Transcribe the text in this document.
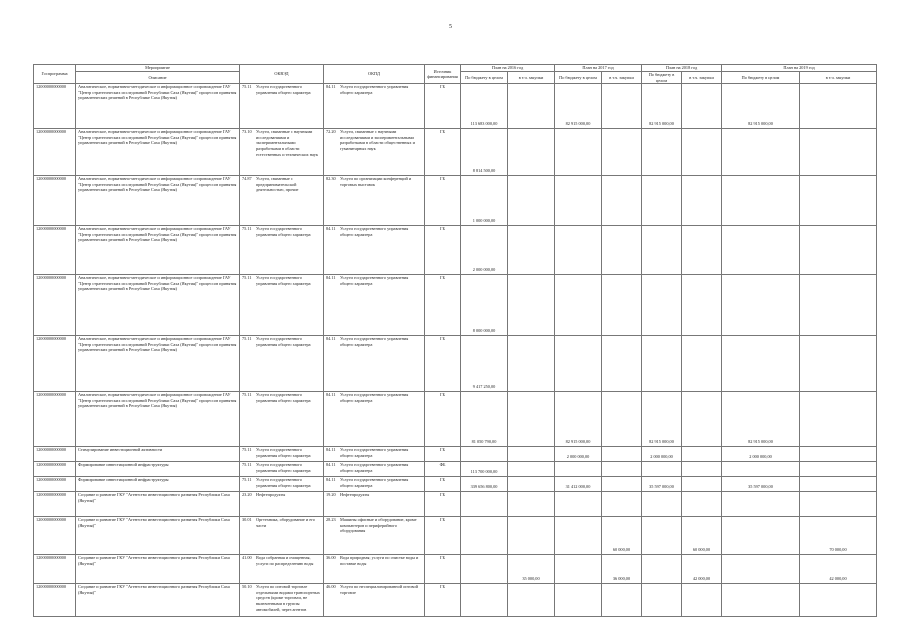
5
Госпрограмма	Мероприятие	ОКВЭД	ОКПД	Источник финансирования	План на 2016 год		План на 2017 год		План на 2018 год		План на 2019 год	
	Описание				По бюджету в целом	в т.ч. закупки	По бюджету в целом	в т.ч. закупки	По бюджету в целом	в т.ч. закупки	По бюджету в целом	в т.ч. закупки
12000000000000	Аналитическое, нормативно-методическое и информационное сопровождение ГАУ "Центр стратегических исследований Республики Саха (Якутия)" процессов принятия управленческих решений в Республике Саха (Якутия)	75.11 Услуги государственного управления общего характера	84.11 Услуги государственного управления общего характера	ГБ	113 683 000,00		82 915 000,00		82 915 000,00		82 915 000,00	
12000000000000	Аналитическое, нормативно-методическое и информационное сопровождение ГАУ "Центр стратегических исследований Республики Саха (Якутия)" процессов принятия управленческих решений в Республике Саха (Якутия)	73.10 Услуги, связанные с научными исследованиями и экспериментальными разработками в области естественных и технических наук	72.20 Услуги, связанные с научными исследованиями и экспериментальными разработками в области общественных и гуманитарных наук	ГБ	8 814 500,00							
12000000000000	Аналитическое, нормативно-методическое и информационное сопровождение ГАУ "Центр стратегических исследований Республики Саха (Якутия)" процессов принятия управленческих решений в Республике Саха (Якутия)	74.87 Услуги, связанные с предпринимательской деятельностью, прочие	82.30 Услуги по организации конференций и торговых выставок	ГБ	1 000 000,00							
12000000000000	Аналитическое, нормативно-методическое и информационное сопровождение ГАУ "Центр стратегических исследований Республики Саха (Якутия)" процессов принятия управленческих решений в Республике Саха (Якутия)	75.11 Услуги государственного управления общего характера	84.11 Услуги государственного управления общего характера	ГБ	2 000 000,00							
12000000000000	Аналитическое, нормативно-методическое и информационное сопровождение ГАУ "Центр стратегических исследований Республики Саха (Якутия)" процессов принятия управленческих решений в Республике Саха (Якутия)	75.11 Услуги государственного управления общего характера	84.11 Услуги государственного управления общего характера	ГБ	8 000 000,00							
12000000000000	Аналитическое, нормативно-методическое и информационное сопровождение ГАУ "Центр стратегических исследований Республики Саха (Якутия)" процессов принятия управленческих решений в Республике Саха (Якутия)	75.11 Услуги государственного управления общего характера	84.11 Услуги государственного управления общего характера	ГБ	9 417 250,00							
12000000000000	Аналитическое, нормативно-методическое и информационное сопровождение ГАУ "Центр стратегических исследований Республики Саха (Якутия)" процессов принятия управленческих решений в Республике Саха (Якутия)	75.11 Услуги государственного управления общего характера	84.11 Услуги государственного управления общего характера	ГБ	81 050 790,00		82 915 000,00		82 915 000,00		82 915 000,00	
12000000000000	Стимулирование инвестиционной активности	75.11 Услуги государственного управления общего характера	84.11 Услуги государственного управления общего характера	ГБ			2 000 000,00		2 000 000,00		2 000 000,00	
12000000000000	Формирование инвестиционной инфраструктуры	75.11 Услуги государственного управления общего характера	84.11 Услуги государственного управления общего характера	ФБ	113 700 000,00							
12000000000000	Формирование инвестиционной инфраструктуры	75.11 Услуги государственного управления общего характера	84.11 Услуги государственного управления общего характера	ГБ	339 656 800,00		31 412 000,00		35 597 000,00		35 597 000,00	
12000000000000	Создание и развитие ГКУ "Агентство инвестиционного развития Республики Саха (Якутия)"	23.20 Нефтепродукты	19.20 Нефтепродукты	ГБ								
12000000000000	Создание и развитие ГКУ "Агентство инвестиционного развития Республики Саха (Якутия)"	30.01 Оргтехника, оборудование и его части	28.23 Машины офисные и оборудование, кроме компьютеров и периферийного оборудования	ГБ				60 000,00		60 000,00		70 000,00
12000000000000	Создание и развитие ГКУ "Агентство инвестиционного развития Республики Саха (Якутия)"	41.00 Вода собранная и очищенная, услуги по распределению воды	36.00 Вода природная; услуги по очистке воды и поставке воды	ГБ		35 000,00		36 000,00		42 000,00		42 000,00
12000000000000	Создание и развитие ГКУ "Агентство инвестиционного развития Республики Саха (Якутия)"	50.10 Услуги по оптовой торговле отдельными видами транспортных средств (кроме торговли, не включенными в группы автомобилей, через агентов	46.00 Услуги по неспециализированной оптовой торговле	ГБ								
